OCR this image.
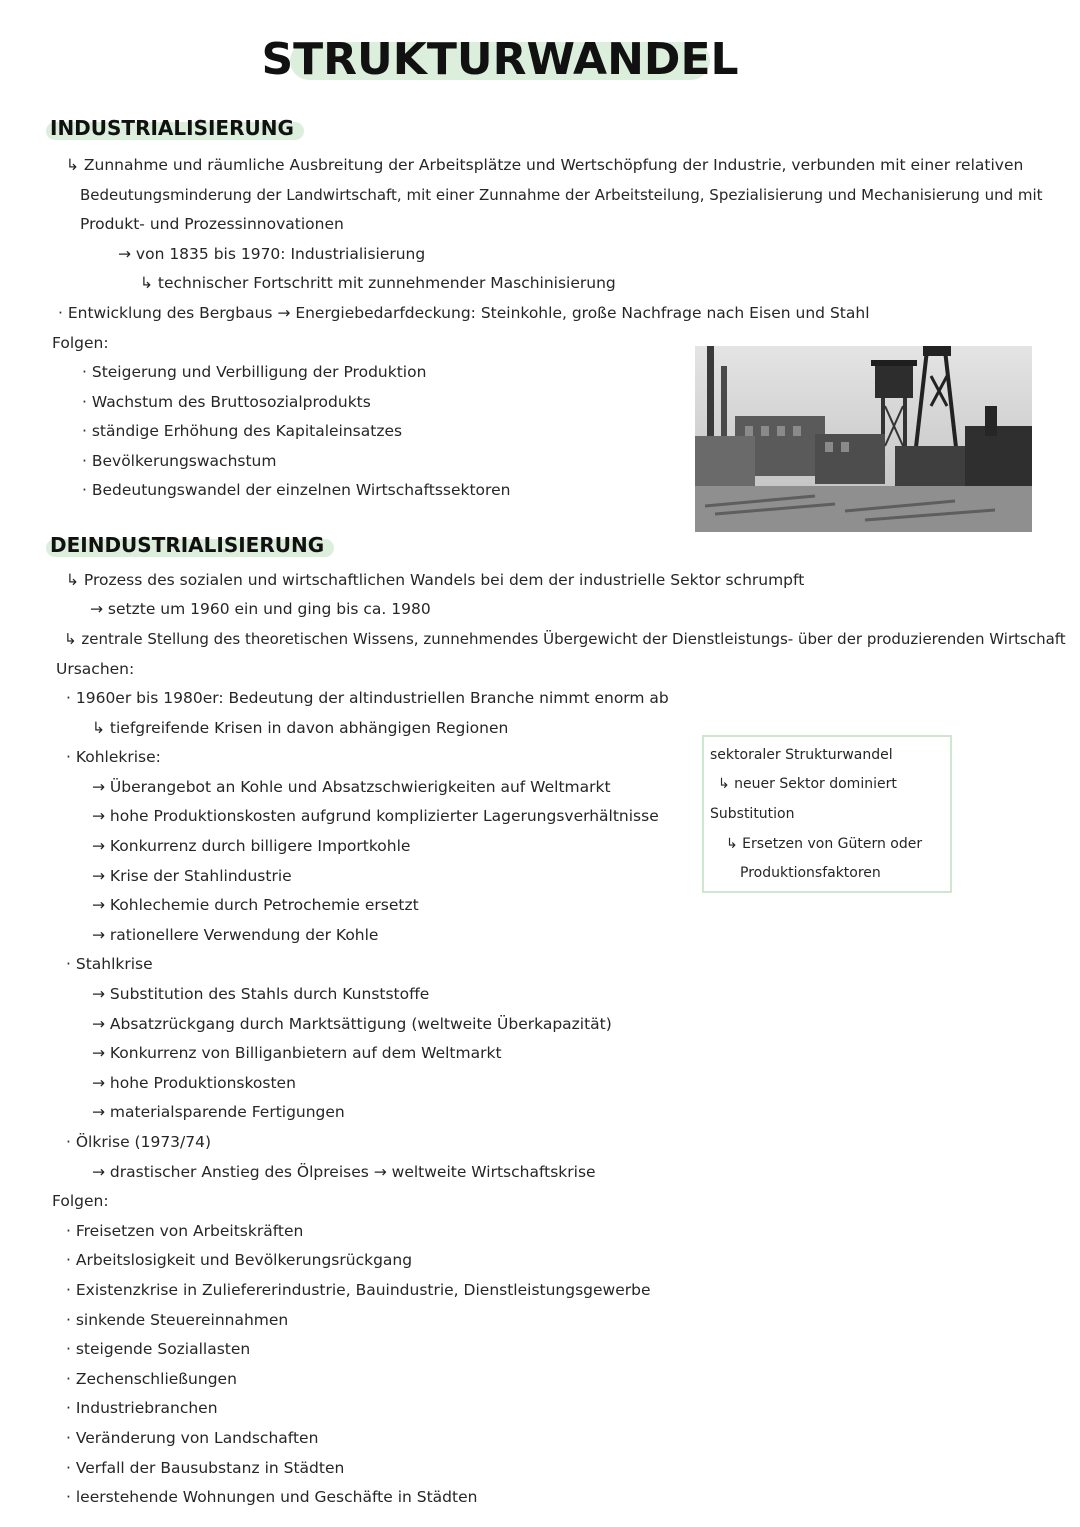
STRUKTURWANDEL
INDUSTRIALISIERUNG
↳ Zunnahme und räumliche Ausbreitung der Arbeitsplätze und Wertschöpfung der Industrie, verbunden mit einer relativen
Bedeutungsminderung der Landwirtschaft, mit einer Zunnahme der Arbeitsteilung, Spezialisierung und Mechanisierung und mit
Produkt- und Prozessinnovationen
→ von 1835 bis 1970: Industrialisierung
↳ technischer Fortschritt mit zunnehmender Maschinisierung
· Entwicklung des Bergbaus → Energiebedarfdeckung: Steinkohle, große Nachfrage nach Eisen und Stahl
Folgen:
· Steigerung und Verbilligung der Produktion
· Wachstum des Bruttosozialprodukts
· ständige Erhöhung des Kapitaleinsatzes
· Bevölkerungswachstum
· Bedeutungswandel der einzelnen Wirtschaftssektoren
DEINDUSTRIALISIERUNG
↳ Prozess des sozialen und wirtschaftlichen Wandels bei dem der industrielle Sektor schrumpft
→ setzte um 1960 ein und ging bis ca. 1980
↳ zentrale Stellung des theoretischen Wissens, zunnehmendes Übergewicht der Dienstleistungs- über der produzierenden Wirtschaft
Ursachen:
· 1960er bis 1980er: Bedeutung der altindustriellen Branche nimmt enorm ab
↳ tiefgreifende Krisen in davon abhängigen Regionen
· Kohlekrise:
→ Überangebot an Kohle und Absatzschwierigkeiten auf Weltmarkt
→ hohe Produktionskosten aufgrund komplizierter Lagerungsverhältnisse
→ Konkurrenz durch billigere Importkohle
→ Krise der Stahlindustrie
→ Kohlechemie durch Petrochemie ersetzt
→ rationellere Verwendung der Kohle
· Stahlkrise
→ Substitution des Stahls durch Kunststoffe
→ Absatzrückgang durch Marktsättigung (weltweite Überkapazität)
→ Konkurrenz von Billiganbietern auf dem Weltmarkt
→ hohe Produktionskosten
→ materialsparende Fertigungen
· Ölkrise (1973/74)
→ drastischer Anstieg des Ölpreises → weltweite Wirtschaftskrise
Folgen:
· Freisetzen von Arbeitskräften
· Arbeitslosigkeit und Bevölkerungsrückgang
· Existenzkrise in Zuliefererindustrie, Bauindustrie, Dienstleistungsgewerbe
· sinkende Steuereinnahmen
· steigende Soziallasten
· Zechenschließungen
· Industriebranchen
· Veränderung von Landschaften
· Verfall der Bausubstanz in Städten
· leerstehende Wohnungen und Geschäfte in Städten
sektoraler Strukturwandel
↳ neuer Sektor dominiert
Substitution
↳ Ersetzen von Gütern oder
Produktionsfaktoren
